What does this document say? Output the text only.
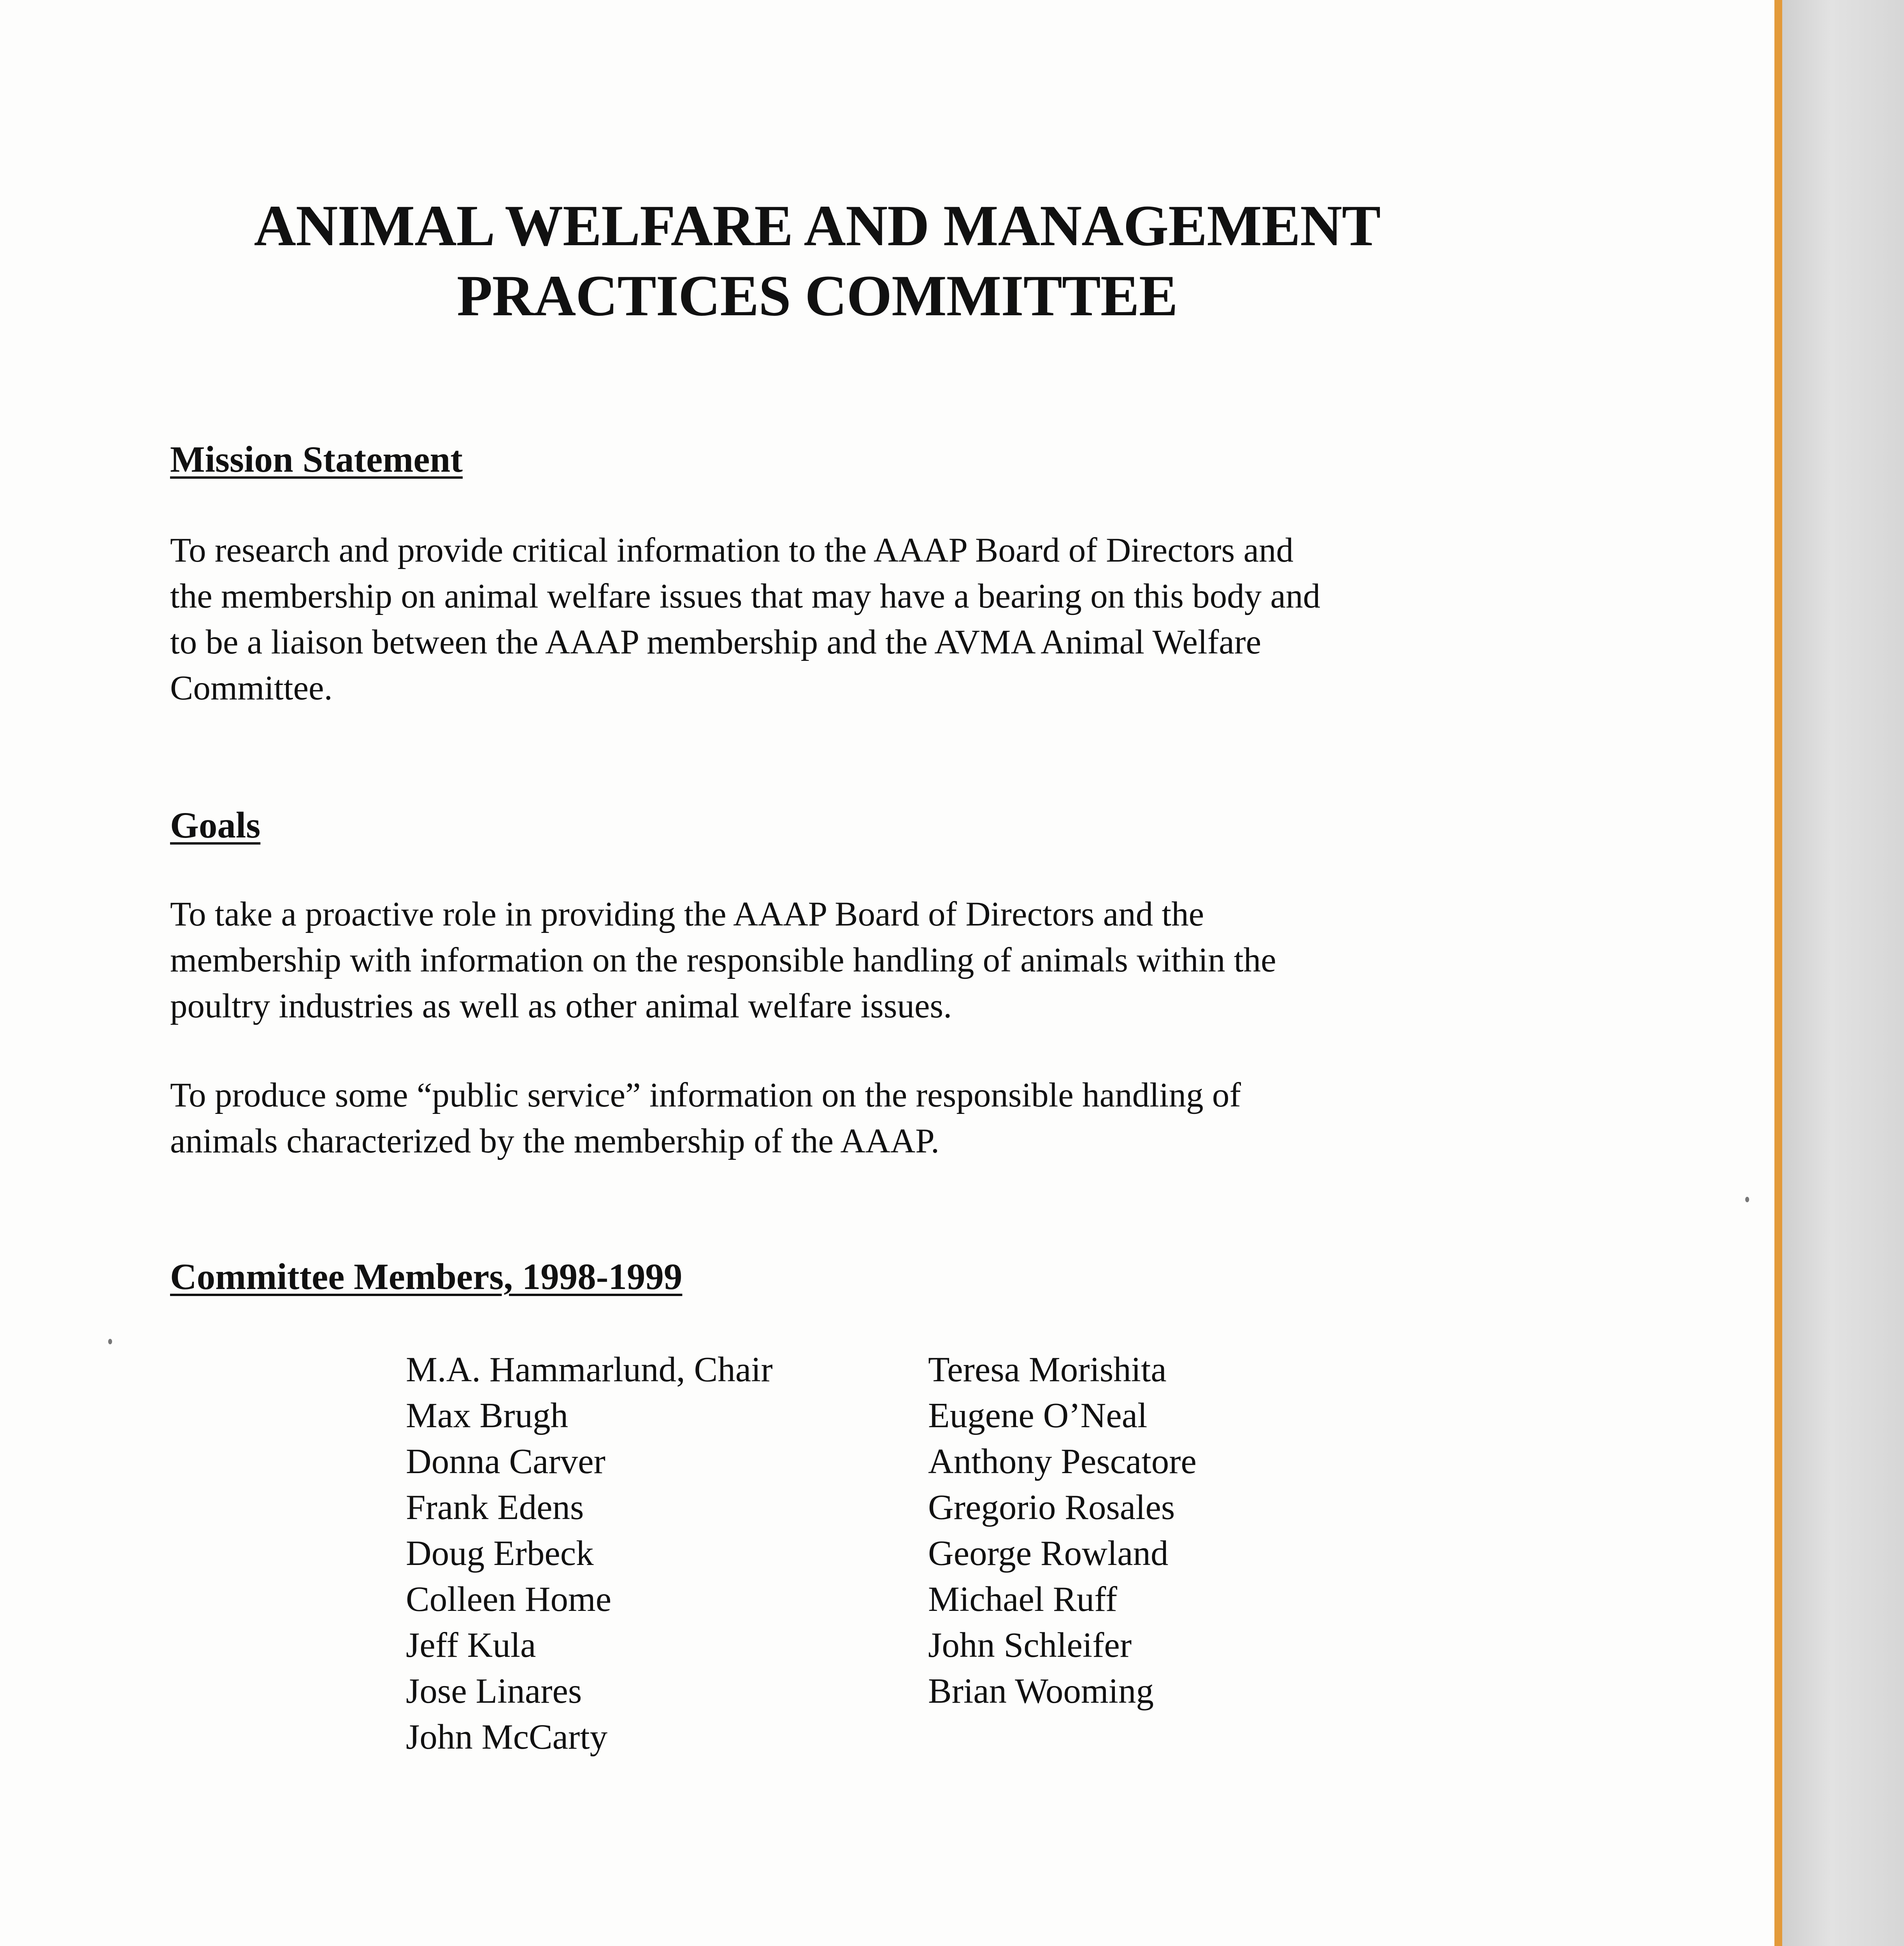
ANIMAL WELFARE AND MANAGEMENT
PRACTICES COMMITTEE
Mission Statement
To research and provide critical information to the AAAP Board of Directors and
the membership on animal welfare issues that may have a bearing on this body and
to be a liaison between the AAAP membership and the AVMA Animal Welfare
Committee.
Goals
To take a proactive role in providing the AAAP Board of Directors and the
membership with information on the responsible handling of animals within the
poultry industries as well as other animal welfare issues.
To produce some “public service” information on the responsible handling of
animals characterized by the membership of the AAAP.
Committee Members, 1998-1999
M.A. Hammarlund, Chair
Max Brugh
Donna Carver
Frank Edens
Doug Erbeck
Colleen Home
Jeff Kula
Jose Linares
John McCarty
Teresa Morishita
Eugene O’Neal
Anthony Pescatore
Gregorio Rosales
George Rowland
Michael Ruff
John Schleifer
Brian Wooming
